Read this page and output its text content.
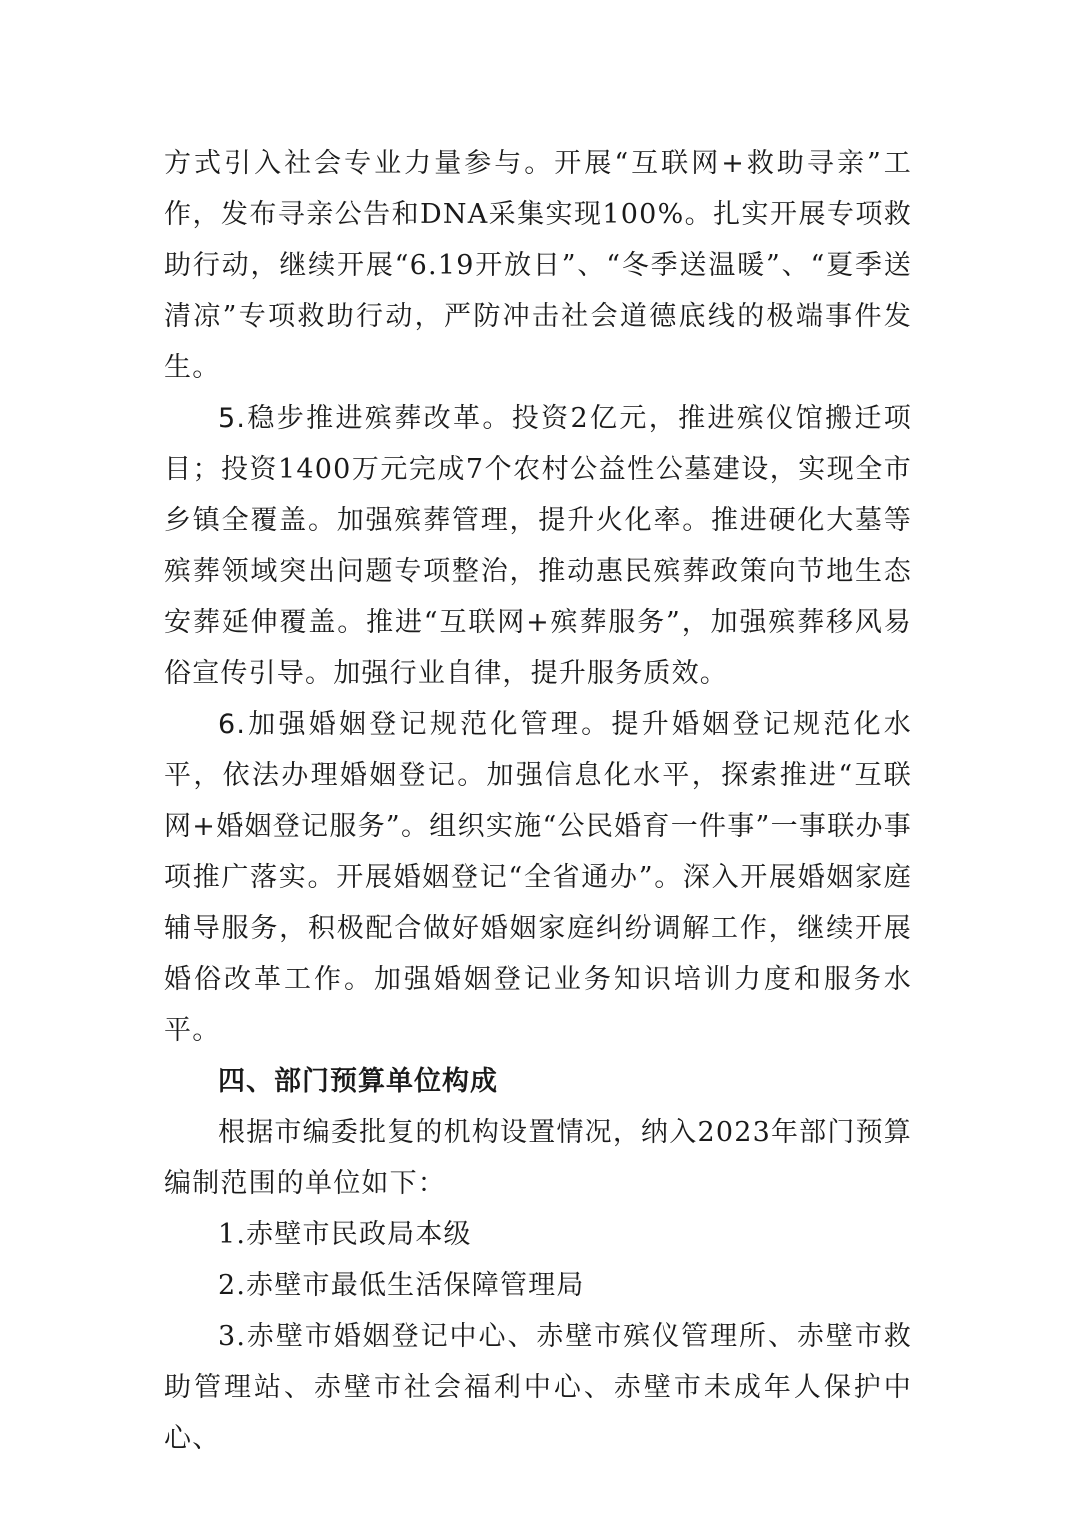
方式引入社会专业力量参与。开展“互联网+救助寻亲”工作，发布寻亲公告和DNA采集实现100%。扎实开展专项救助行动，继续开展“6.19开放日”、“冬季送温暖”、“夏季送清凉”专项救助行动，严防冲击社会道德底线的极端事件发生。

5.稳步推进殡葬改革。投资2亿元，推进殡仪馆搬迁项目；投资1400万元完成7个农村公益性公墓建设，实现全市乡镇全覆盖。加强殡葬管理，提升火化率。推进硬化大墓等殡葬领域突出问题专项整治，推动惠民殡葬政策向节地生态安葬延伸覆盖。推进“互联网+殡葬服务”，加强殡葬移风易俗宣传引导。加强行业自律，提升服务质效。

6.加强婚姻登记规范化管理。提升婚姻登记规范化水平，依法办理婚姻登记。加强信息化水平，探索推进“互联网+婚姻登记服务”。组织实施“公民婚育一件事”一事联办事项推广落实。开展婚姻登记“全省通办”。深入开展婚姻家庭辅导服务，积极配合做好婚姻家庭纠纷调解工作，继续开展婚俗改革工作。加强婚姻登记业务知识培训力度和服务水平。

四、部门预算单位构成

根据市编委批复的机构设置情况，纳入2023年部门预算编制范围的单位如下：

1.赤壁市民政局本级

2.赤壁市最低生活保障管理局

3.赤壁市婚姻登记中心、赤壁市殡仪管理所、赤壁市救助管理站、赤壁市社会福利中心、赤壁市未成年人保护中心、
